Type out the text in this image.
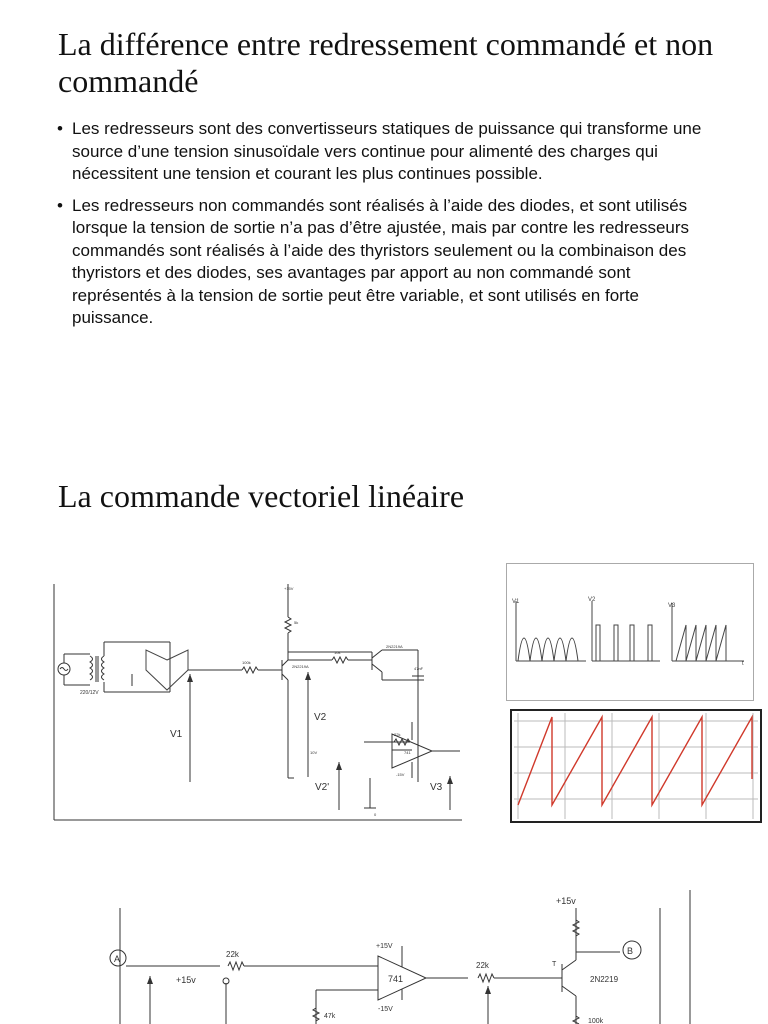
La différence entre redressement commandé et non commandé
• Les redresseurs sont des convertisseurs statiques de puissance qui transforme une source d’une tension sinusoïdale vers continue pour alimenté des charges qui nécessitent une tension et courant les plus continues possible.
• Les redresseurs non commandés sont réalisés à l’aide des diodes, et sont utilisés lorsque la tension de sortie n’a pas d’être ajustée, mais par contre les redresseurs commandés sont réalisés à l’aide des thyristors seulement ou la combinaison des thyristors et des diodes, ses avantages par apport au non commandé sont représentés à la tension de sortie peut être variable, et sont utilisés en forte puissance.
La commande vectoriel linéaire
V1
V2
V2'	V3
220/12V
+15V
5k
100k
10k
22k
2N2219A
2N2219A
47nF
741
10V
-15V
0
V1	V2
V3
t
+15v
A
B
22k
+15v
+15V
741
-15V
47k
22k	T
2N2219
100k
